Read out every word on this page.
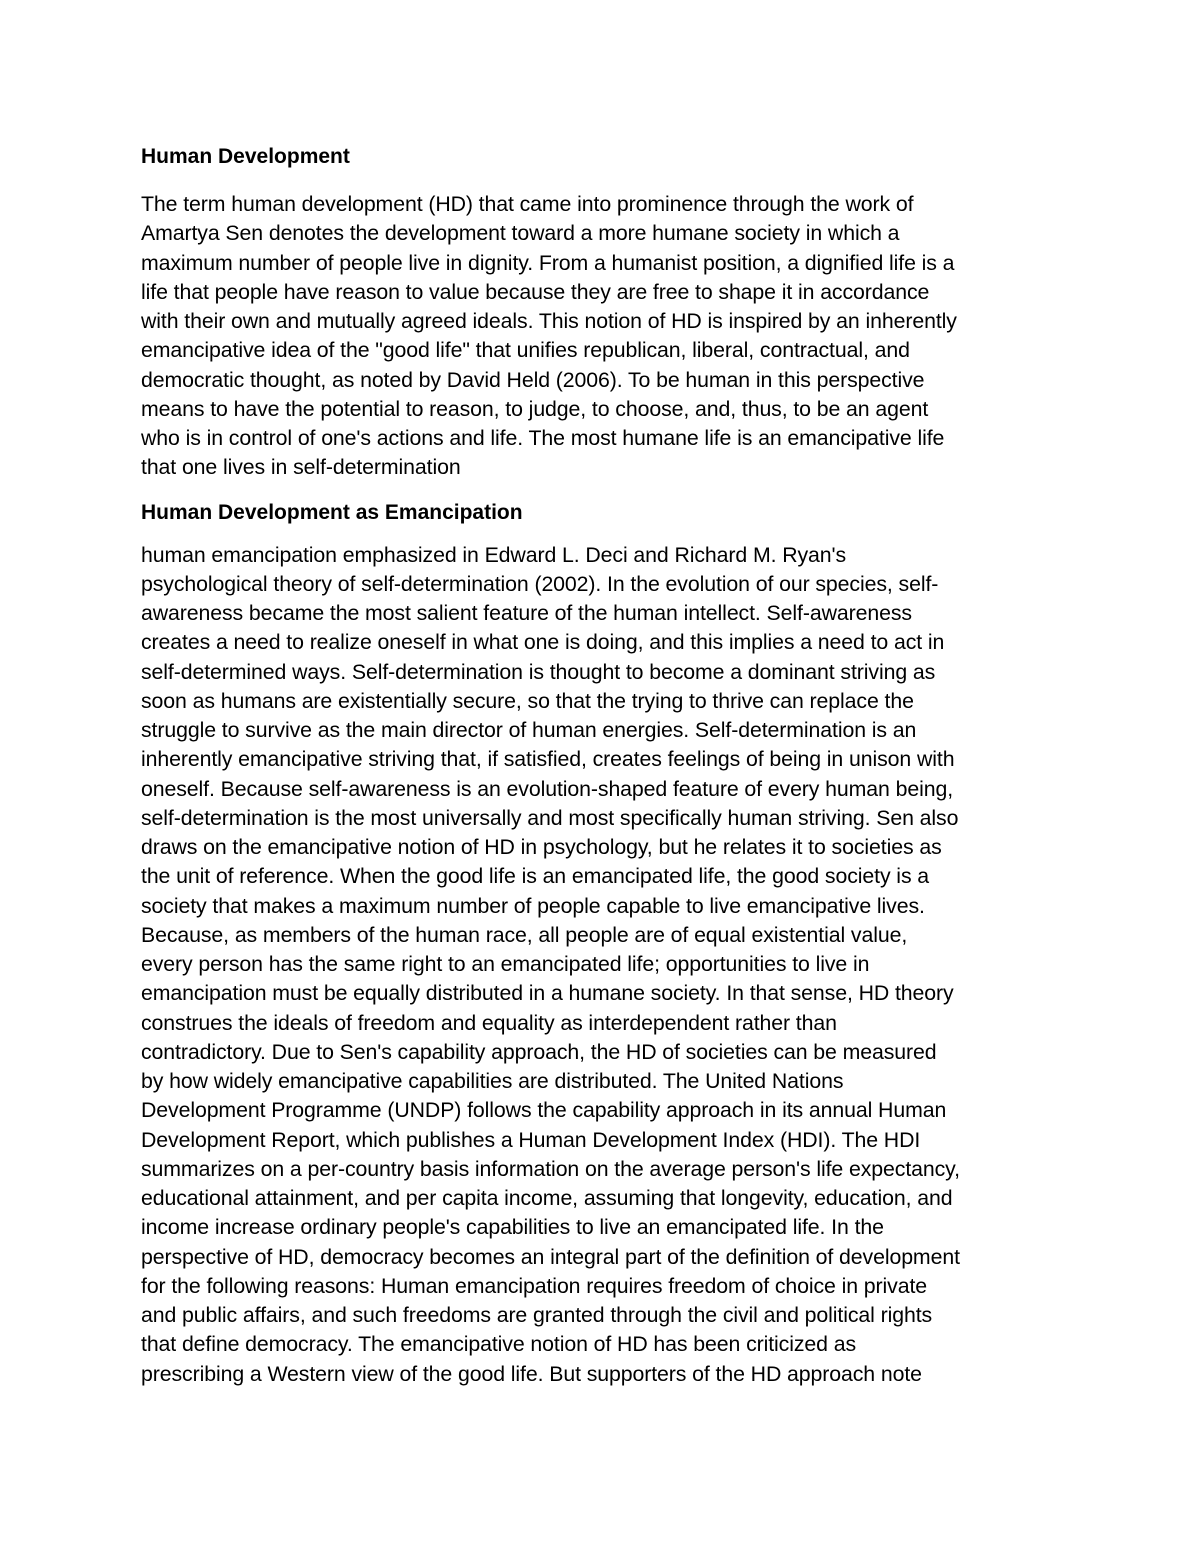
Human Development
The term human development (HD) that came into prominence through the work of
Amartya Sen denotes the development toward a more humane society in which a
maximum number of people live in dignity. From a humanist position, a dignified life is a
life that people have reason to value because they are free to shape it in accordance
with their own and mutually agreed ideals. This notion of HD is inspired by an inherently
emancipative idea of the "good life" that unifies republican, liberal, contractual, and
democratic thought, as noted by David Held (2006). To be human in this perspective
means to have the potential to reason, to judge, to choose, and, thus, to be an agent
who is in control of one's actions and life. The most humane life is an emancipative life
that one lives in self-determination
Human Development as Emancipation
human emancipation emphasized in Edward L. Deci and Richard M. Ryan's
psychological theory of self-determination (2002). In the evolution of our species, self-
awareness became the most salient feature of the human intellect. Self-awareness
creates a need to realize oneself in what one is doing, and this implies a need to act in
self-determined ways. Self-determination is thought to become a dominant striving as
soon as humans are existentially secure, so that the trying to thrive can replace the
struggle to survive as the main director of human energies. Self-determination is an
inherently emancipative striving that, if satisfied, creates feelings of being in unison with
oneself. Because self-awareness is an evolution-shaped feature of every human being,
self-determination is the most universally and most specifically human striving. Sen also
draws on the emancipative notion of HD in psychology, but he relates it to societies as
the unit of reference. When the good life is an emancipated life, the good society is a
society that makes a maximum number of people capable to live emancipative lives.
Because, as members of the human race, all people are of equal existential value,
every person has the same right to an emancipated life; opportunities to live in
emancipation must be equally distributed in a humane society. In that sense, HD theory
construes the ideals of freedom and equality as interdependent rather than
contradictory. Due to Sen's capability approach, the HD of societies can be measured
by how widely emancipative capabilities are distributed. The United Nations
Development Programme (UNDP) follows the capability approach in its annual Human
Development Report, which publishes a Human Development Index (HDI). The HDI
summarizes on a per-country basis information on the average person's life expectancy,
educational attainment, and per capita income, assuming that longevity, education, and
income increase ordinary people's capabilities to live an emancipated life. In the
perspective of HD, democracy becomes an integral part of the definition of development
for the following reasons: Human emancipation requires freedom of choice in private
and public affairs, and such freedoms are granted through the civil and political rights
that define democracy. The emancipative notion of HD has been criticized as
prescribing a Western view of the good life. But supporters of the HD approach note
